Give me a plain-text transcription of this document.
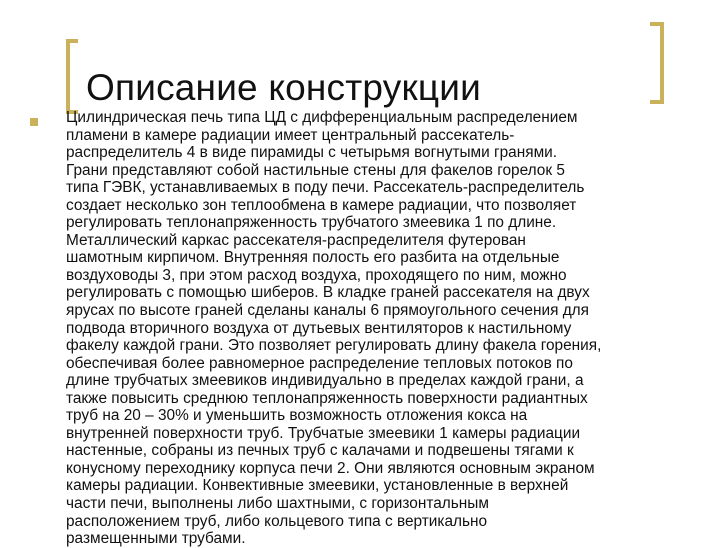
Описание конструкции
Цилиндрическая печь типа ЦД с дифференциальным распределением
пламени в камере радиации имеет центральный рассекатель-
распределитель 4 в виде пирамиды с четырьмя вогнутыми гранями.
Грани представляют собой настильные стены для факелов горелок 5
типа ГЭВК, устанавливаемых в поду печи. Рассекатель-распределитель
создает несколько зон теплообмена в камере радиации, что позволяет
регулировать теплонапряженность трубчатого змеевика 1 по длине.
Металлический каркас рассекателя-распределителя футерован
шамотным кирпичом. Внутренняя полость его разбита на отдельные
воздуховоды 3, при этом расход воздуха, проходящего по ним, можно
регулировать с помощью шиберов. В кладке граней рассекателя на двух
ярусах по высоте граней сделаны каналы 6 прямоугольного сечения для
подвода вторичного воздуха от дутьевых вентиляторов к настильному
факелу каждой грани. Это позволяет регулировать длину факела горения,
обеспечивая более равномерное распределение тепловых потоков по
длине трубчатых змеевиков индивидуально в пределах каждой грани, а
также повысить среднюю теплонапряженность поверхности радиантных
труб на 20 – 30% и уменьшить возможность отложения кокса на
внутренней поверхности труб. Трубчатые змеевики 1 камеры радиации
настенные, собраны из печных труб с калачами и подвешены тягами к
конусному переходнику корпуса печи 2. Они являются основным экраном
камеры радиации. Конвективные змеевики, установленные в верхней
части печи, выполнены либо шахтными, с горизонтальным
расположением труб, либо кольцевого типа с вертикально
размещенными трубами.
